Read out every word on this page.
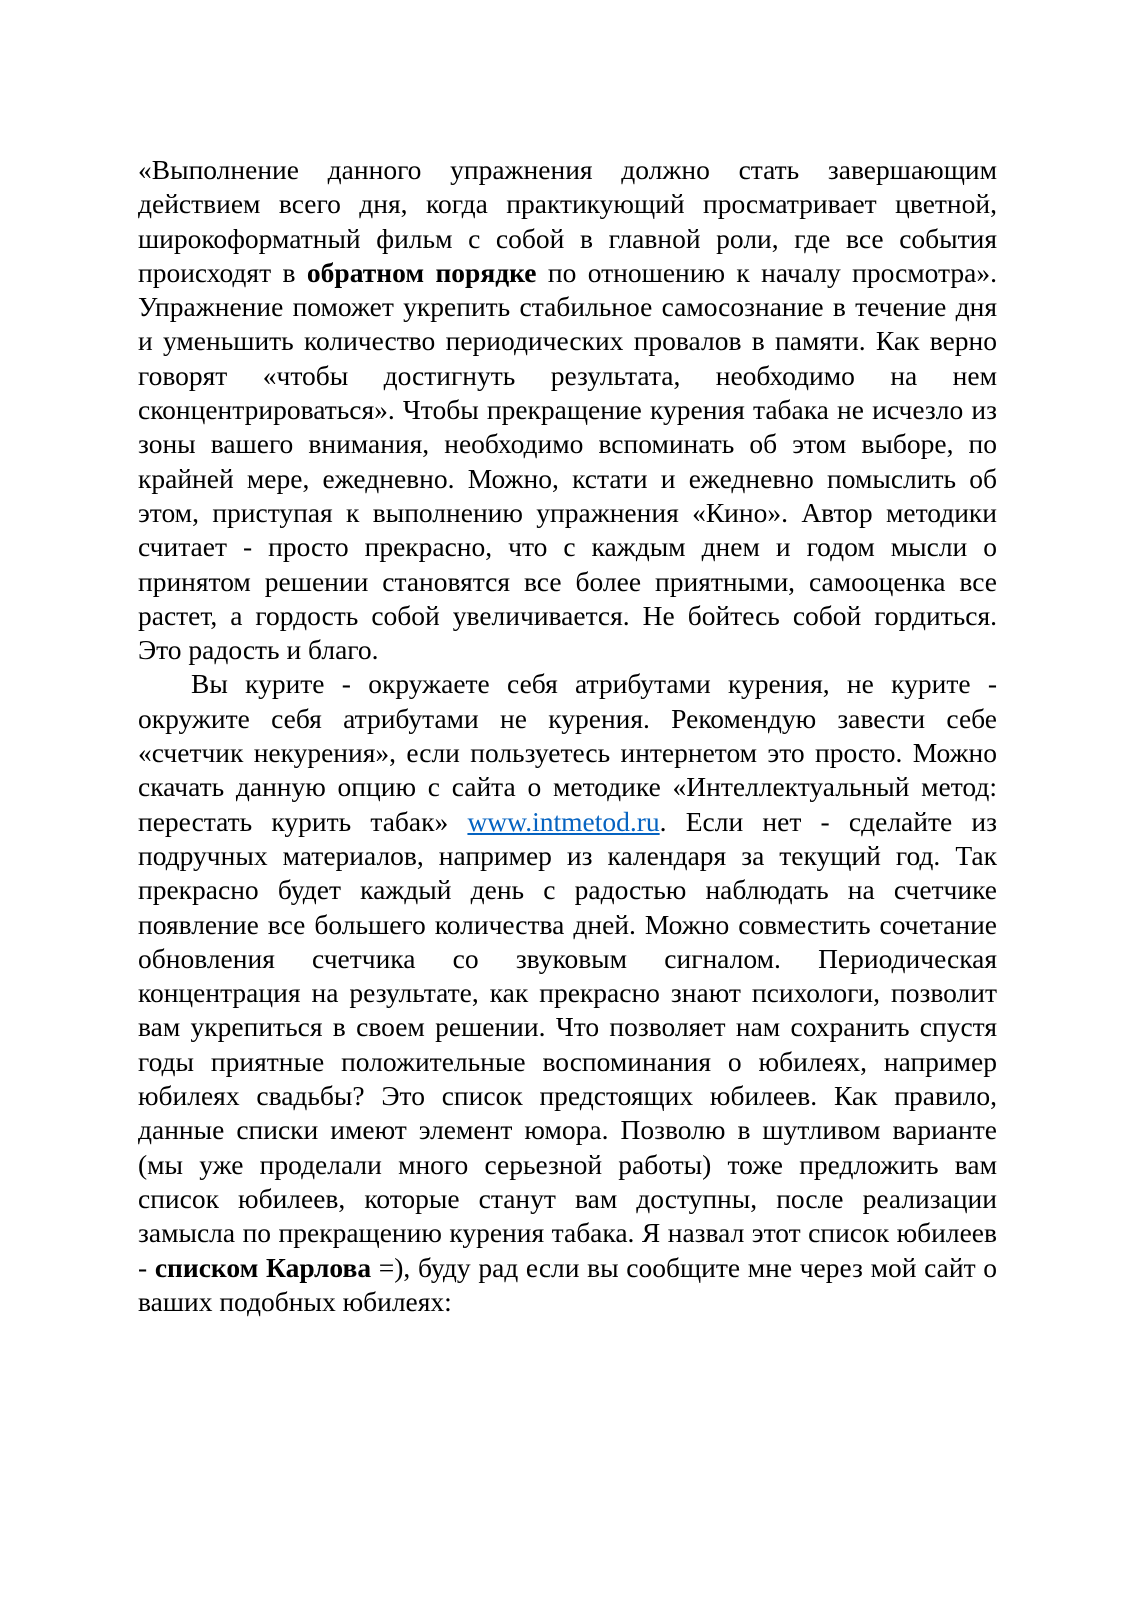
«Выполнение данного упражнения должно стать завершающим действием всего дня, когда практикующий просматривает цветной, широкоформатный фильм с собой в главной роли, где все события происходят в обратном порядке по отношению к началу просмотра». Упражнение поможет укрепить стабильное самосознание в течение дня и уменьшить количество периодических провалов в памяти. Как верно говорят «чтобы достигнуть результата, необходимо на нем сконцентрироваться». Чтобы прекращение курения табака не исчезло из зоны вашего внимания, необходимо вспоминать об этом выборе, по крайней мере, ежедневно. Можно, кстати и ежедневно помыслить об этом, приступая к выполнению упражнения «Кино». Автор методики считает - просто прекрасно, что с каждым днем и годом мысли о принятом решении становятся все более приятными, самооценка все растет, а гордость собой увеличивается. Не бойтесь собой гордиться. Это радость и благо.

Вы курите - окружаете себя атрибутами курения, не курите - окружите себя атрибутами не курения. Рекомендую завести себе «счетчик некурения», если пользуетесь интернетом это просто. Можно скачать данную опцию с сайта о методике «Интеллектуальный метод: перестать курить табак» www.intmetod.ru. Если нет - сделайте из подручных материалов, например из календаря за текущий год. Так прекрасно будет каждый день с радостью наблюдать на счетчике появление все большего количества дней. Можно совместить сочетание обновления счетчика со звуковым сигналом. Периодическая концентрация на результате, как прекрасно знают психологи, позволит вам укрепиться в своем решении. Что позволяет нам сохранить спустя годы приятные положительные воспоминания о юбилеях, например юбилеях свадьбы? Это список предстоящих юбилеев. Как правило, данные списки имеют элемент юмора. Позволю в шутливом варианте (мы уже проделали много серьезной работы) тоже предложить вам список юбилеев, которые станут вам доступны, после реализации замысла по прекращению курения табака. Я назвал этот список юбилеев - списком Карлова =), буду рад если вы сообщите мне через мой сайт о ваших подобных юбилеях:
